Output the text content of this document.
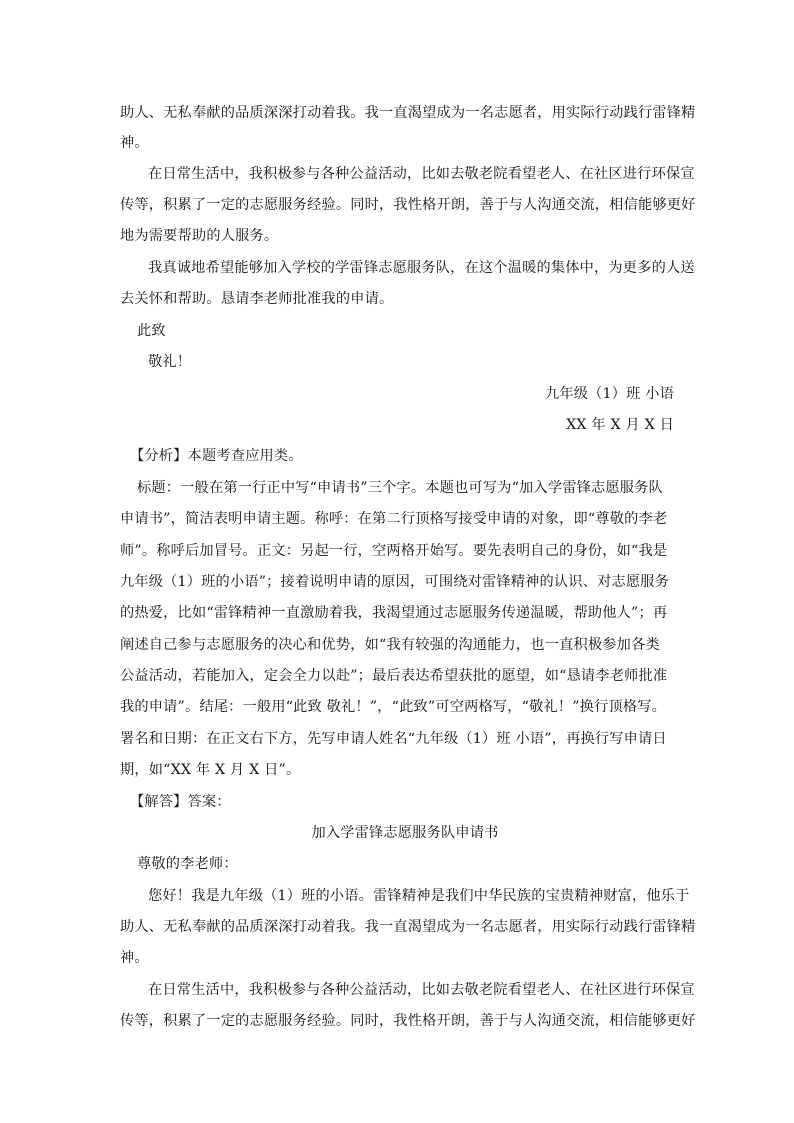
助人、无私奉献的品质深深打动着我。我一直渴望成为一名志愿者，用实际行动践行雷锋精
神。
在日常生活中，我积极参与各种公益活动，比如去敬老院看望老人、在社区进行环保宣
传等，积累了一定的志愿服务经验。同时，我性格开朗，善于与人沟通交流，相信能够更好
地为需要帮助的人服务。
我真诚地希望能够加入学校的学雷锋志愿服务队，在这个温暖的集体中，为更多的人送
去关怀和帮助。恳请李老师批准我的申请。
此致
敬礼！
九年级（1）班 小语
XX 年 X 月 X 日
【分析】本题考查应用类。
标题：一般在第一行正中写“申请书”三个字。本题也可写为“加入学雷锋志愿服务队
申请书”，简洁表明申请主题。称呼：在第二行顶格写接受申请的对象，即“尊敬的李老
师”。称呼后加冒号。正文：另起一行，空两格开始写。要先表明自己的身份，如“我是
九年级（1）班的小语”；接着说明申请的原因，可围绕对雷锋精神的认识、对志愿服务
的热爱，比如“雷锋精神一直激励着我，我渴望通过志愿服务传递温暖，帮助他人”；再
阐述自己参与志愿服务的决心和优势，如“我有较强的沟通能力，也一直积极参加各类
公益活动，若能加入，定会全力以赴”；最后表达希望获批的愿望，如“恳请李老师批准
我的申请”。结尾：一般用“此致 敬礼！”，“此致”可空两格写，“敬礼！”换行顶格写。
署名和日期：在正文右下方，先写申请人姓名“九年级（1）班 小语”，再换行写申请日
期，如“XX 年 X 月 X 日”。
【解答】答案：
加入学雷锋志愿服务队申请书
尊敬的李老师：
您好！我是九年级（1）班的小语。雷锋精神是我们中华民族的宝贵精神财富，他乐于
助人、无私奉献的品质深深打动着我。我一直渴望成为一名志愿者，用实际行动践行雷锋精
神。
在日常生活中，我积极参与各种公益活动，比如去敬老院看望老人、在社区进行环保宣
传等，积累了一定的志愿服务经验。同时，我性格开朗，善于与人沟通交流，相信能够更好
